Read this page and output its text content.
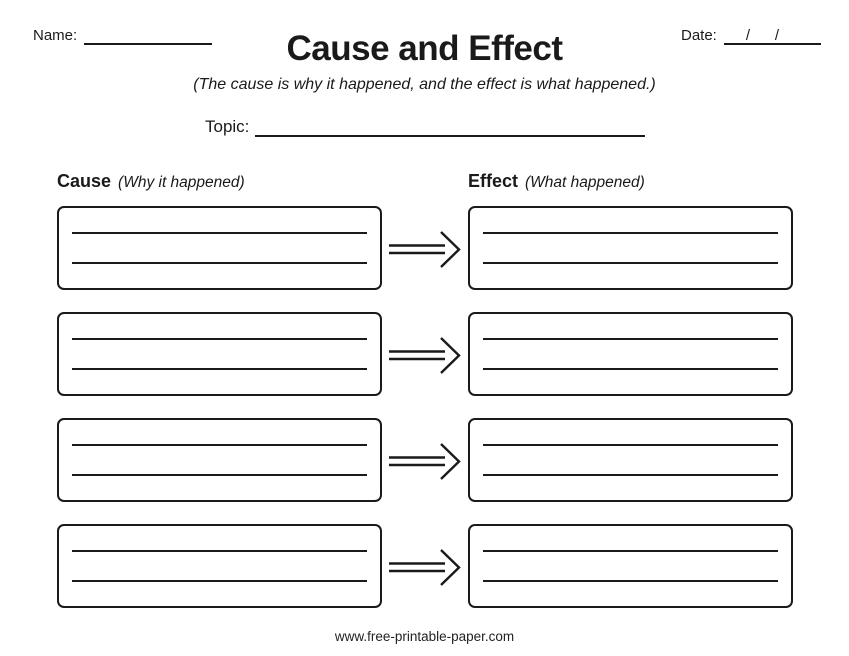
Name:	Cause and Effect	Date: / /
(The cause is why it happened, and the effect is what happened.)
Topic:
Cause (Why it happened)	Effect (What happened)
www.free-printable-paper.com
